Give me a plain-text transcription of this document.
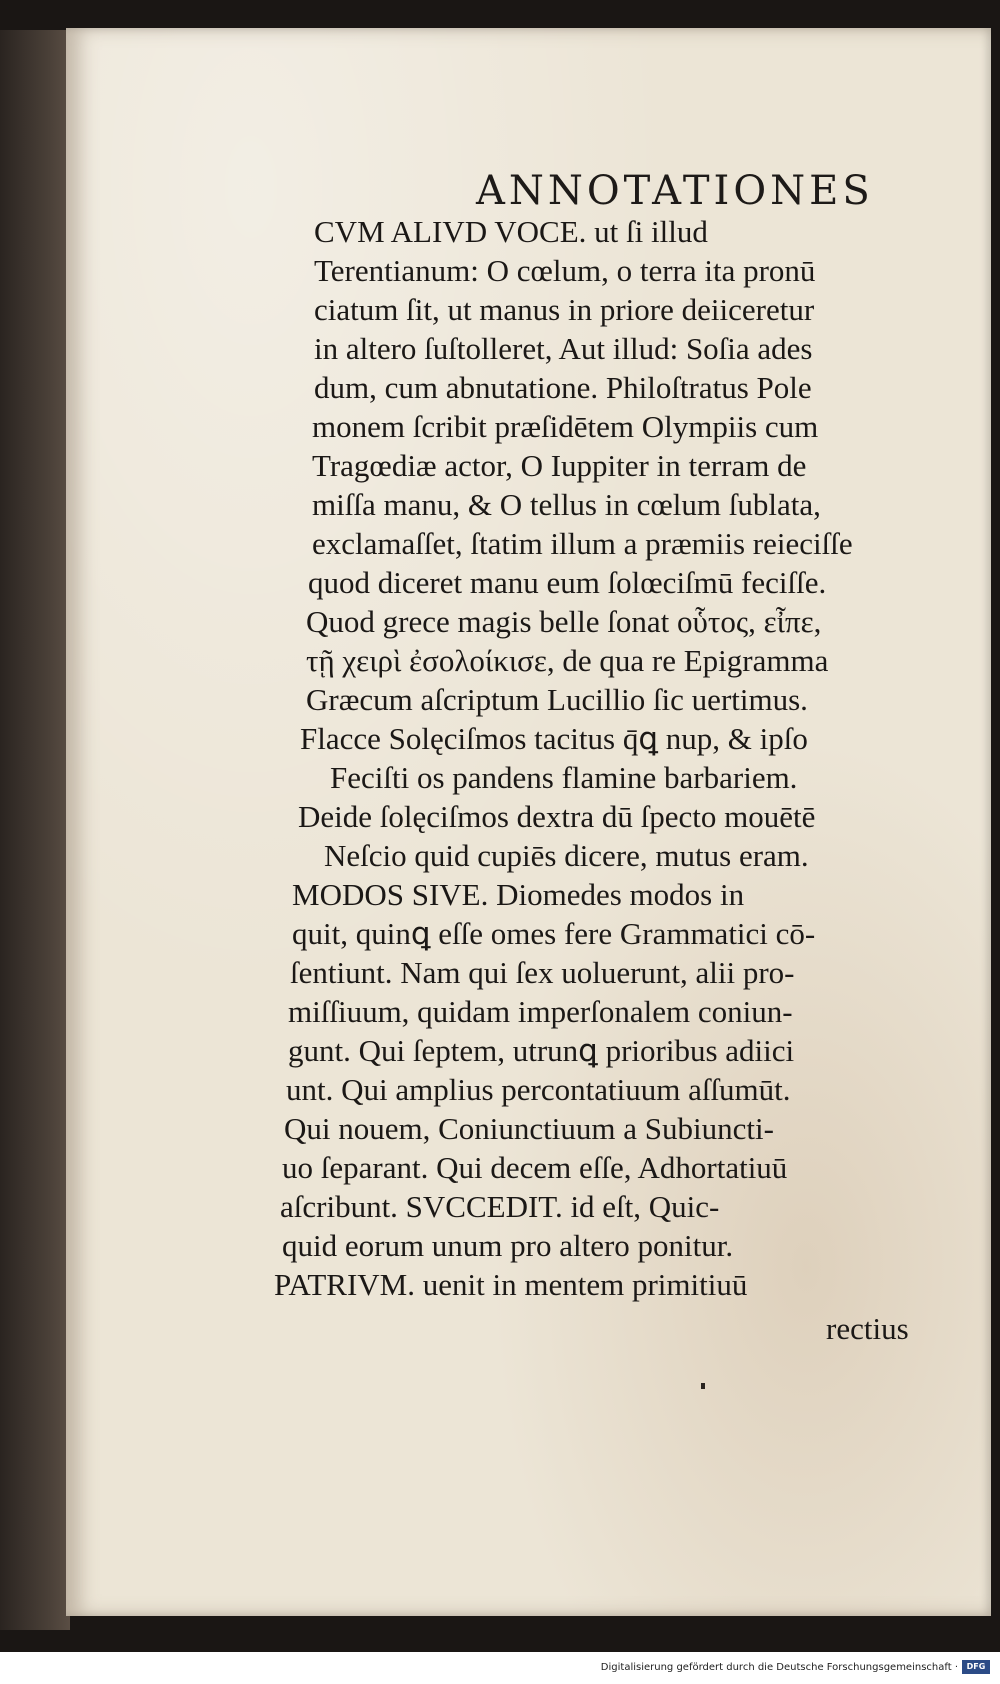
ANNOTATIONES
CVM ALIVD VOCE. ut ſi illud
Terentianum: O cœlum, o terra ita pronū
ciatum ſit, ut manus in priore deiiceretur
in altero ſuſtolleret, Aut illud: Soſia ades
dum, cum abnutatione. Philoſtratus Pole
monem ſcribit præſidētem Olympiis cum
Tragœdiæ actor, O Iuppiter in terram de
miſſa manu, & O tellus in cœlum ſublata,
exclamaſſet, ſtatim illum a præmiis reieciſſe
quod diceret manu eum ſolœciſmū feciſſe.
Quod grece magis belle ſonat οὗτος, εἶπε,
τῇ χειρὶ ἐσολοίκισε, de qua re Epigramma
Græcum aſcriptum Lucillio ſic uertimus.
Flacce Solęciſmos tacitus q̄ꝗ nup, & ipſo
Feciſti os pandens flamine barbariem.
Deide ſolęciſmos dextra dū ſpecto mouētē
Neſcio quid cupiēs dicere, mutus eram.
MODOS SIVE. Diomedes modos in
quit, quinꝗ eſſe omes fere Grammatici cō-
ſentiunt. Nam qui ſex uoluerunt, alii pro-
miſſiuum, quidam imperſonalem coniun-
gunt. Qui ſeptem, utrunꝗ prioribus adiici
unt. Qui amplius percontatiuum aſſumūt.
Qui nouem, Coniunctiuum a Subiuncti-
uo ſeparant. Qui decem eſſe, Adhortatiuū
aſcribunt. SVCCEDIT. id eſt, Quic-
quid eorum unum pro altero ponitur.
PATRIVM. uenit in mentem primitiuū
rectius
Digitalisierung gefördert durch die Deutsche Forschungsgemeinschaft ·	DFG
